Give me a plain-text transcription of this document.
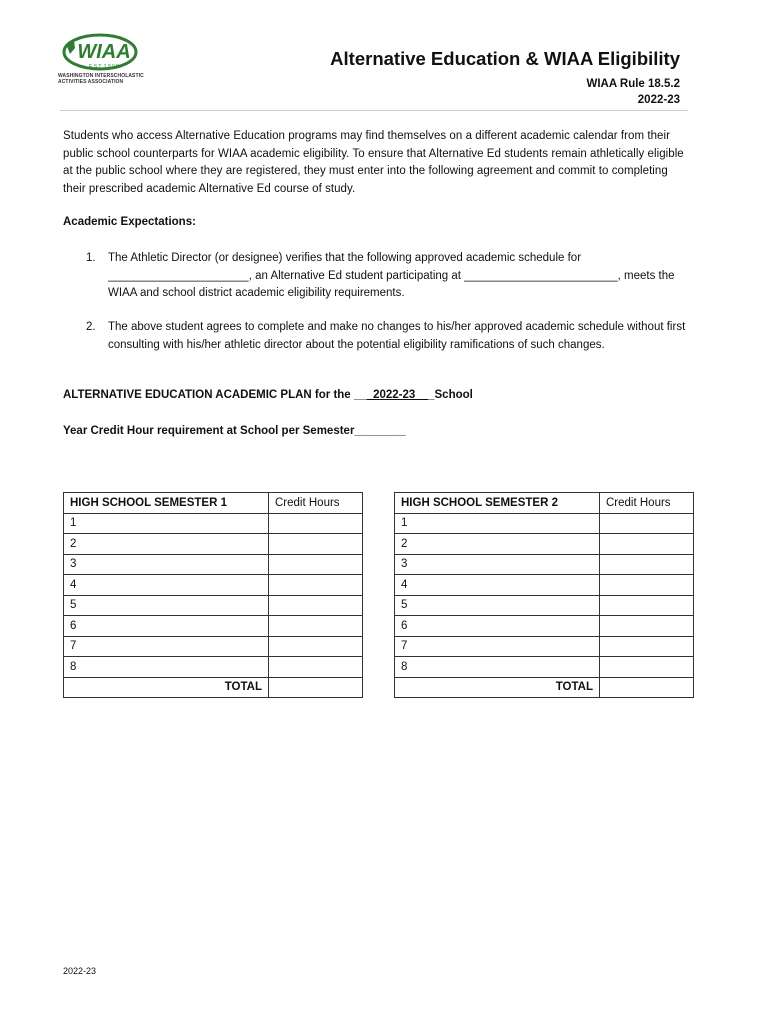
WIAA
E S T. 1 9 0 5
WASHINGTON INTERSCHOLASTIC ACTIVITIES ASSOCIATION
Alternative Education & WIAA Eligibility
WIAA Rule 18.5.2
2022-23
Students who access Alternative Education programs may find themselves on a different academic calendar from their public school counterparts for WIAA academic eligibility. To ensure that Alternative Ed students remain athletically eligible at the public school where they are registered, they must enter into the following agreement and commit to completing their prescribed academic Alternative Ed course of study.
Academic Expectations:
1. The Athletic Director (or designee) verifies that the following approved academic schedule for ______________________, an Alternative Ed student participating at ________________________, meets the WIAA and school district academic eligibility requirements.
2. The above student agrees to complete and make no changes to his/her approved academic schedule without first consulting with his/her athletic director about the potential eligibility ramifications of such changes.
ALTERNATIVE EDUCATION ACADEMIC PLAN for the ___2022-23___School
Year Credit Hour requirement at School per Semester________
HIGH SCHOOL SEMESTER 1	Credit Hours
1	
2	
3	
4	
5	
6	
7	
8	
TOTAL	
HIGH SCHOOL SEMESTER 2	Credit Hours
1	
2	
3	
4	
5	
6	
7	
8	
TOTAL	
2022-23
